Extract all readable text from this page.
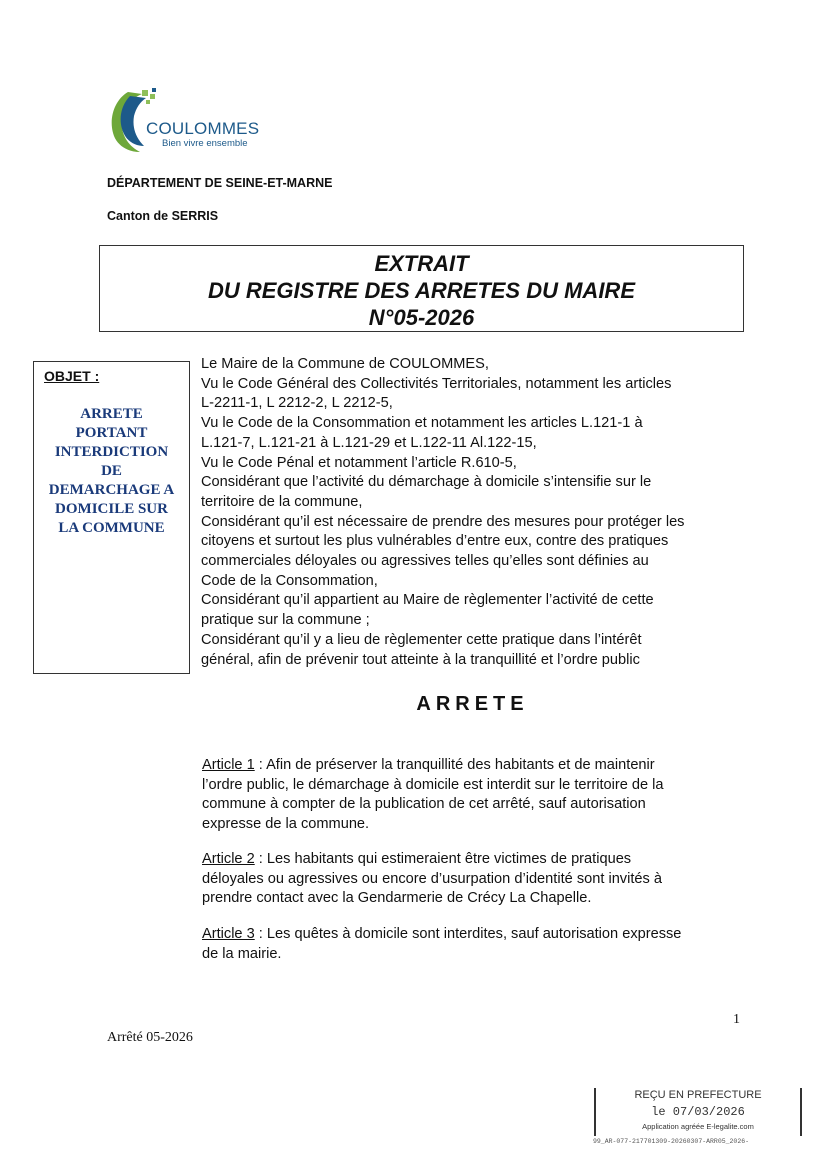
COULOMMES
Bien vivre ensemble
DÉPARTEMENT DE SEINE-ET-MARNE
Canton de SERRIS
EXTRAIT
DU REGISTRE DES ARRETES DU MAIRE
N°05-2026
OBJET :
ARRETE
PORTANT
INTERDICTION
DE
DEMARCHAGE A
DOMICILE SUR
LA COMMUNE
Le Maire de la Commune de COULOMMES,
Vu le Code Général des Collectivités Territoriales, notamment les articles
L-2211-1, L 2212-2, L 2212-5,
Vu le Code de la Consommation et notamment les articles L.121-1 à
L.121-7, L.121-21 à L.121-29 et L.122-11 Al.122-15,
Vu le Code Pénal et notamment l’article R.610-5,
Considérant que l’activité du démarchage à domicile s’intensifie sur le
territoire de la commune,
Considérant qu’il est nécessaire de prendre des mesures pour protéger les
citoyens et surtout les plus vulnérables d’entre eux, contre des pratiques
commerciales déloyales ou agressives telles qu’elles sont définies au
Code de la Consommation,
Considérant qu’il appartient au Maire de règlementer l’activité de cette
pratique sur la commune ;
Considérant qu’il y a lieu de règlementer cette pratique dans l’intérêt
général, afin de prévenir tout atteinte à la tranquillité et l’ordre public
ARRETE
Article 1 : Afin de préserver la tranquillité des habitants et de maintenir
l’ordre public, le démarchage à domicile est interdit sur le territoire de la
commune à compter de la publication de cet arrêté, sauf autorisation
expresse de la commune.
Article 2 : Les habitants qui estimeraient être victimes de pratiques
déloyales ou agressives ou encore d’usurpation d’identité sont invités à
prendre contact avec la Gendarmerie de Crécy La Chapelle.
Article 3 : Les quêtes à domicile sont interdites, sauf autorisation expresse
de la mairie.
1
Arrêté 05-2026
REÇU EN PREFECTURE
le 07/03/2026
Application agréée E-legalite.com
99_AR-077-217701309-20260307-ARR05_2026-
